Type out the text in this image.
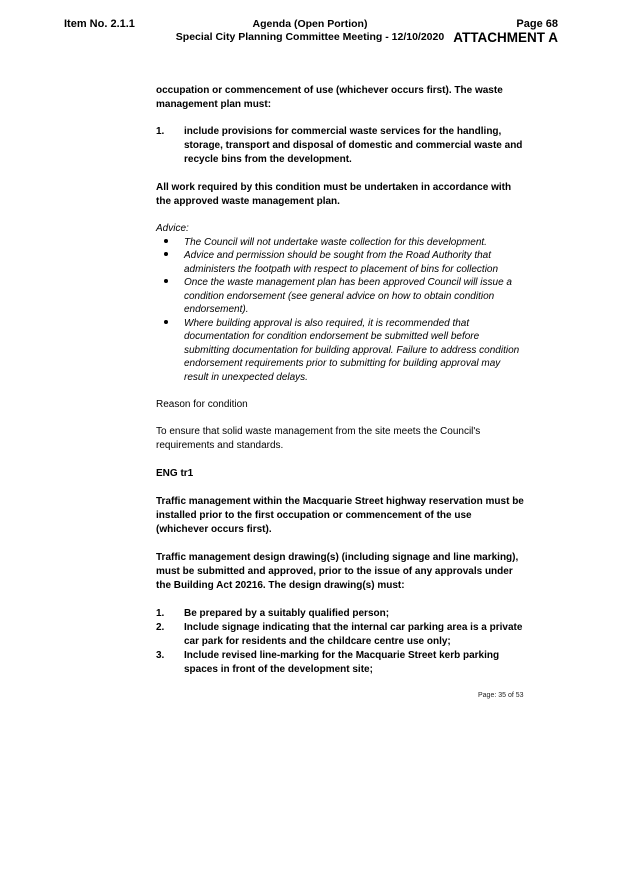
Item No. 2.1.1	Agenda (Open Portion)
Special City Planning Committee Meeting - 12/10/2020
Page 68
ATTACHMENT A

occupation or commencement of use (whichever occurs first). The waste management plan must:

1.	include provisions for commercial waste services for the handling, storage, transport and disposal of domestic and commercial waste and recycle bins from the development.

All work required by this condition must be undertaken in accordance with the approved waste management plan.

Advice:

The Council will not undertake waste collection for this development.
Advice and permission should be sought from the Road Authority that administers the footpath with respect to placement of bins for collection
Once the waste management plan has been approved Council will issue a condition endorsement (see general advice on how to obtain condition endorsement).
Where building approval is also required, it is recommended that documentation for condition endorsement be submitted well before submitting documentation for building approval. Failure to address condition endorsement requirements prior to submitting for building approval may result in unexpected delays.

Reason for condition

To ensure that solid waste management from the site meets the Council's requirements and standards.

ENG tr1

Traffic management within the Macquarie Street highway reservation must be installed prior to the first occupation or commencement of the use (whichever occurs first).

Traffic management design drawing(s) (including signage and line marking), must be submitted and approved, prior to the issue of any approvals under the Building Act 20216. The design drawing(s) must:

1.	Be prepared by a suitably qualified person;
2.	Include signage indicating that the internal car parking area is a private car park for residents and the childcare centre use only;
3.	Include revised line-marking for the Macquarie Street kerb parking spaces in front of the development site;
Page: 35 of 53
